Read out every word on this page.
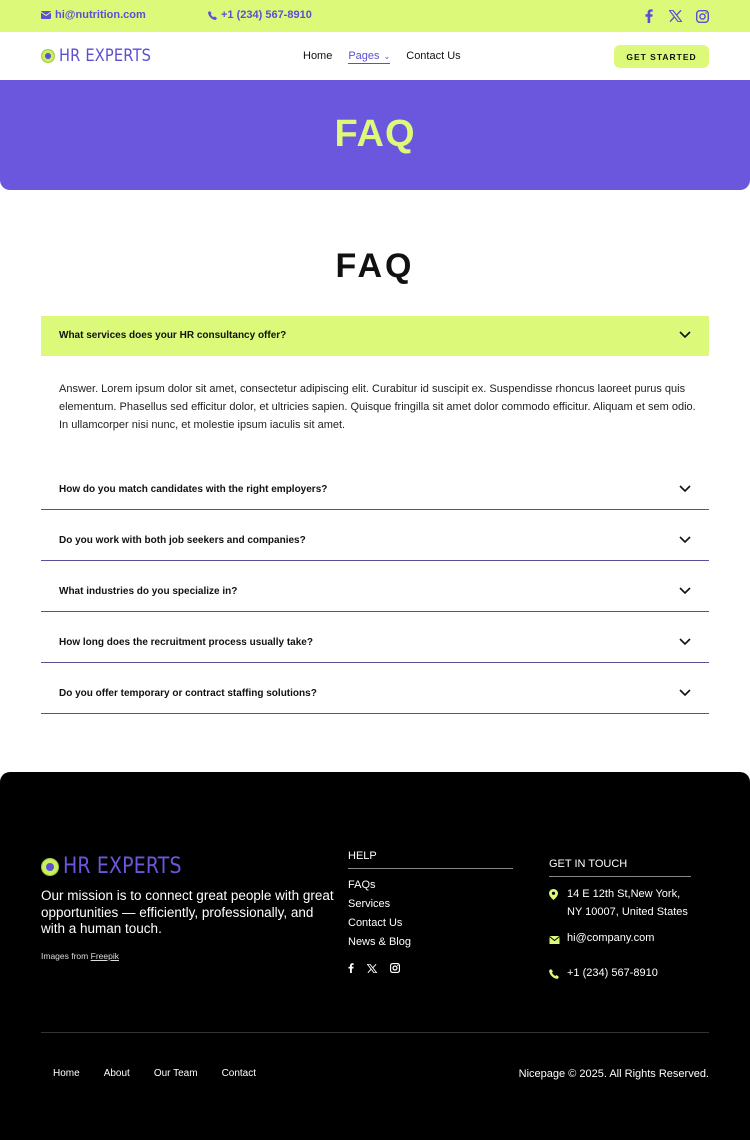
hi@nutrition.com	+1 (234) 567-8910
HR EXPERTS	Home Pages ⌄ Contact Us	GET STARTED
FAQ
FAQ
What services does your HR consultancy offer?
Answer. Lorem ipsum dolor sit amet, consectetur adipiscing elit. Curabitur id suscipit ex. Suspendisse rhoncus laoreet purus quis elementum. Phasellus sed efficitur dolor, et ultricies sapien. Quisque fringilla sit amet dolor commodo efficitur. Aliquam et sem odio. In ullamcorper nisi nunc, et molestie ipsum iaculis sit amet.
How do you match candidates with the right employers?
Do you work with both job seekers and companies?
What industries do you specialize in?
How long does the recruitment process usually take?
Do you offer temporary or contract staffing solutions?
HR EXPERTS
Our mission is to connect great people with great opportunities — efficiently, professionally, and with a human touch.
Images from Freepik
HELP
FAQs
Services
Contact Us
News & Blog
GET IN TOUCH
14 E 12th St,New York, NY 10007, United States
hi@company.com
+1 (234) 567-8910
Home About Our Team Contact	Nicepage © 2025. All Rights Reserved.
